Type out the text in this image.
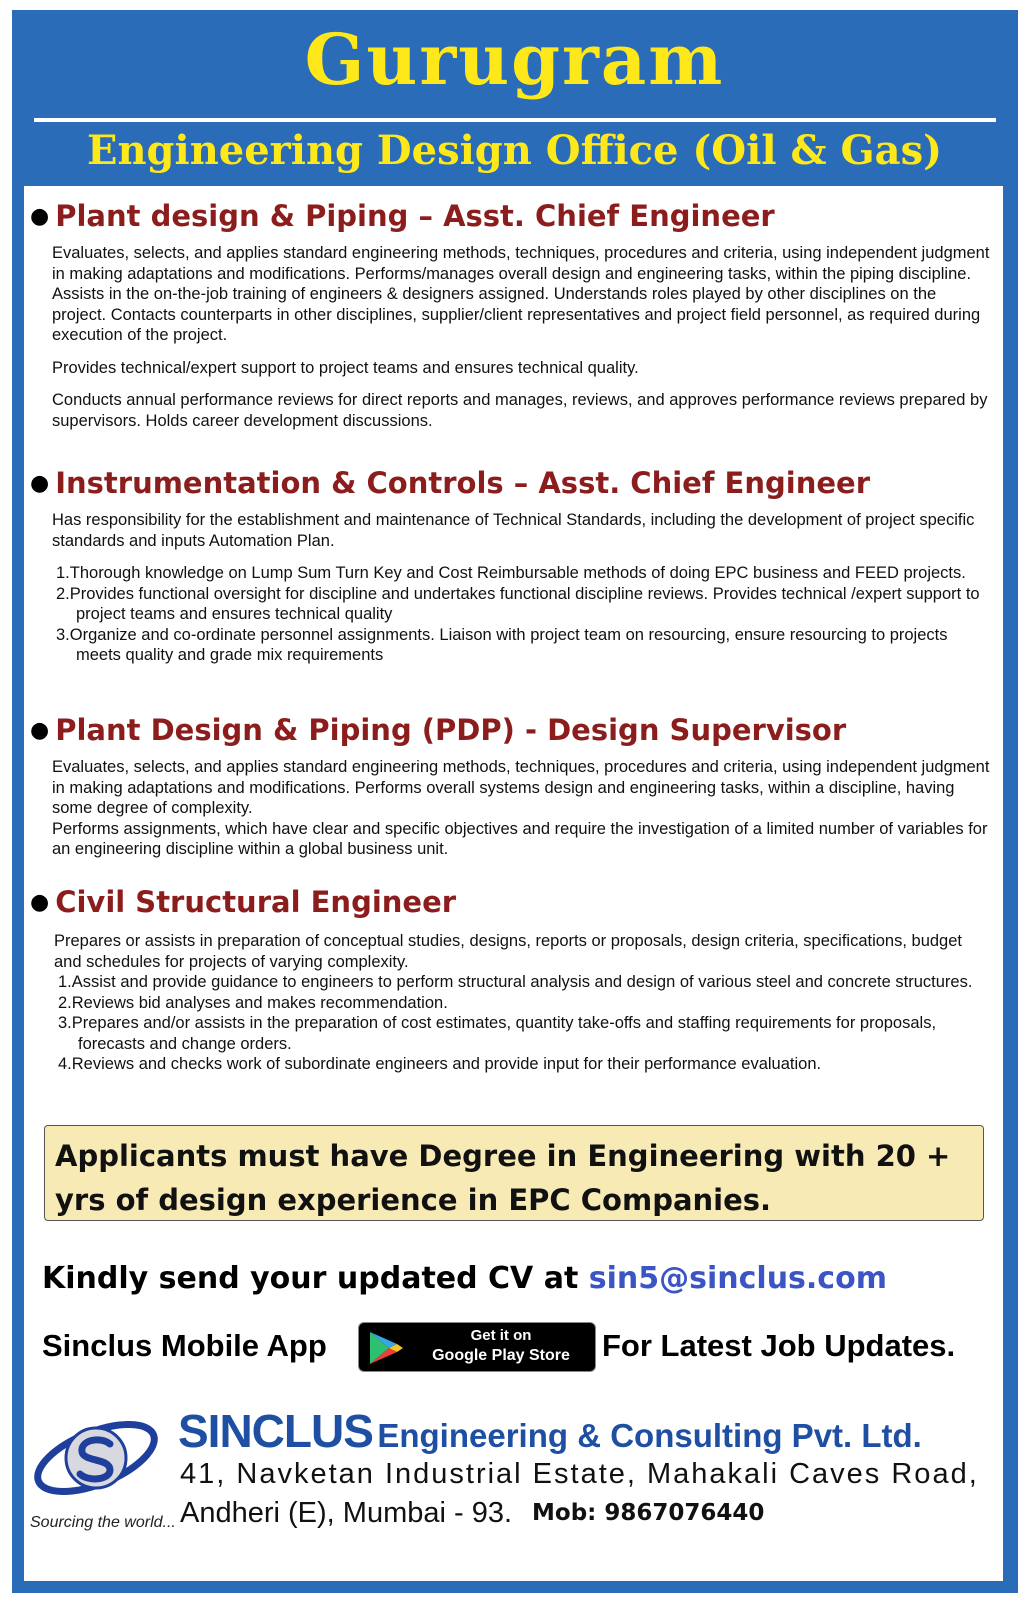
Gurugram
Engineering Design Office (Oil & Gas)
● Plant design & Piping – Asst. Chief Engineer

Evaluates, selects, and applies standard engineering methods, techniques, procedures and criteria, using independent judgment in making adaptations and modifications. Performs/manages overall design and engineering tasks, within the piping discipline. Assists in the on-the-job training of engineers & designers assigned. Understands roles played by other disciplines on the project. Contacts counterparts in other disciplines, supplier/client representatives and project field personnel, as required during execution of the project.

Provides technical/expert support to project teams and ensures technical quality.

Conducts annual performance reviews for direct reports and manages, reviews, and approves performance reviews prepared by supervisors. Holds career development discussions.

● Instrumentation & Controls – Asst. Chief Engineer

Has responsibility for the establishment and maintenance of Technical Standards, including the development of project specific standards and inputs Automation Plan.

1.Thorough knowledge on Lump Sum Turn Key and Cost Reimbursable methods of doing EPC business and FEED projects.
2.Provides functional oversight for discipline and undertakes functional discipline reviews. Provides technical /expert support to project teams and ensures technical quality
3.Organize and co-ordinate personnel assignments. Liaison with project team on resourcing, ensure resourcing to projects meets quality and grade mix requirements
● Plant Design & Piping (PDP) - Design Supervisor

Evaluates, selects, and applies standard engineering methods, techniques, procedures and criteria, using independent judgment in making adaptations and modifications. Performs overall systems design and engineering tasks, within a discipline, having some degree of complexity.

Performs assignments, which have clear and specific objectives and require the investigation of a limited number of variables for an engineering discipline within a global business unit.

● Civil Structural Engineer

Prepares or assists in preparation of conceptual studies, designs, reports or proposals, design criteria, specifications, budget and schedules for projects of varying complexity.

1.Assist and provide guidance to engineers to perform structural analysis and design of various steel and concrete structures.
2.Reviews bid analyses and makes recommendation.
3.Prepares and/or assists in the preparation of cost estimates, quantity take-offs and staffing requirements for proposals, forecasts and change orders.
4.Reviews and checks work of subordinate engineers and provide input for their performance evaluation.
Applicants must have Degree in Engineering with 20 + yrs of design experience in EPC Companies.
Kindly send your updated CV at sin5@sinclus.com
Sinclus Mobile App	Get it on
Google Play Store	For Latest Job Updates.
Sourcing the world...
SINCLUS Engineering & Consulting Pvt. Ltd.
41, Navketan Industrial Estate, Mahakali Caves Road,
Andheri (E), Mumbai - 93. Mob: 9867076440
